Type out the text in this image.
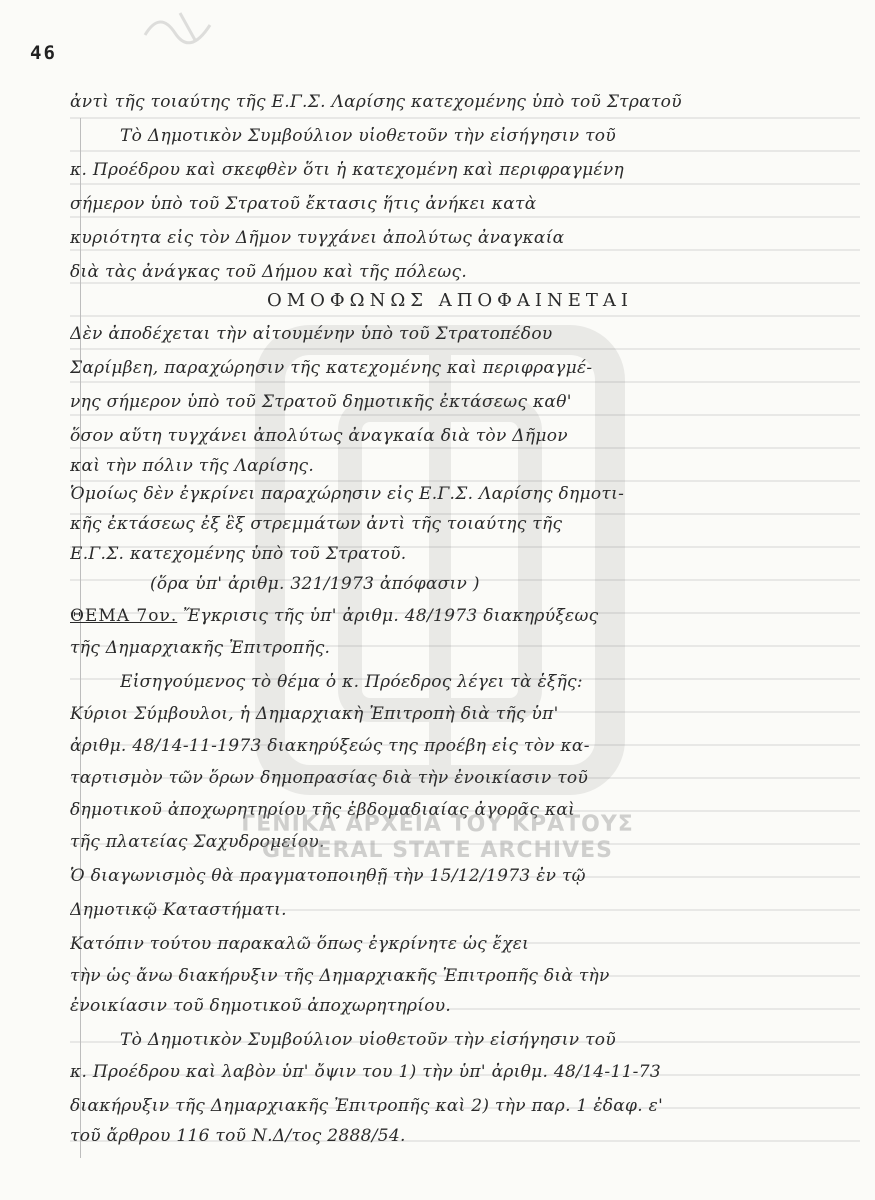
46
ἀντὶ τῆς τοιαύτης τῆς Ε.Γ.Σ. Λαρίσης κατεχομένης ὑπὸ τοῦ Στρατοῦ
Τὸ Δημοτικὸν Συμβούλιον υἱοθετοῦν τὴν εἰσήγησιν τοῦ
κ. Προέδρου καὶ σκεφθὲν ὅτι ἡ κατεχομένη καὶ περιφραγμένη
σήμερον ὑπὸ τοῦ Στρατοῦ ἔκτασις ἥτις ἀνήκει κατὰ
κυριότητα εἰς τὸν Δῆμον τυγχάνει ἀπολύτως ἀναγκαία
διὰ τὰς ἀνάγκας τοῦ Δήμου καὶ τῆς πόλεως.
ΟΜΟΦΩΝΩΣ ΑΠΟΦΑΙΝΕΤΑΙ
Δὲν ἀποδέχεται τὴν αἰτουμένην ὑπὸ τοῦ Στρατοπέδου
Σαρίμβεη, παραχώρησιν τῆς κατεχομένης καὶ περιφραγμέ-
νης σήμερον ὑπὸ τοῦ Στρατοῦ δημοτικῆς ἐκτάσεως καθ'
ὅσον αὕτη τυγχάνει ἀπολύτως ἀναγκαία διὰ τὸν Δῆμον
καὶ τὴν πόλιν τῆς Λαρίσης.
Ὁμοίως δὲν ἐγκρίνει παραχώρησιν εἰς Ε.Γ.Σ. Λαρίσης δημοτι-
κῆς ἐκτάσεως ἐξ ἓξ στρεμμάτων ἀντὶ τῆς τοιαύτης τῆς
Ε.Γ.Σ. κατεχομένης ὑπὸ τοῦ Στρατοῦ.
(ὅρα ὑπ' ἀριθμ. 321/1973 ἀπόφασιν )
ΘΕΜΑ 7ον. Ἔγκρισις τῆς ὑπ' ἀριθμ. 48/1973 διακηρύξεως
τῆς Δημαρχιακῆς Ἐπιτροπῆς.
Εἰσηγούμενος τὸ θέμα ὁ κ. Πρόεδρος λέγει τὰ ἑξῆς:
Κύριοι Σύμβουλοι, ἡ Δημαρχιακὴ Ἐπιτροπὴ διὰ τῆς ὑπ'
ἀριθμ. 48/14-11-1973 διακηρύξεώς της προέβη εἰς τὸν κα-
ταρτισμὸν τῶν ὅρων δημοπρασίας διὰ τὴν ἐνοικίασιν τοῦ
δημοτικοῦ ἀποχωρητηρίου τῆς ἑβδομαδιαίας ἀγορᾶς καὶ
τῆς πλατείας Σαχυδρομείου.
Ὁ διαγωνισμὸς θὰ πραγματοποιηθῇ τὴν 15/12/1973 ἐν τῷ
Δημοτικῷ Καταστήματι.
Κατόπιν τούτου παρακαλῶ ὅπως ἐγκρίνητε ὡς ἔχει
τὴν ὡς ἄνω διακήρυξιν τῆς Δημαρχιακῆς Ἐπιτροπῆς διὰ τὴν
ἐνοικίασιν τοῦ δημοτικοῦ ἀποχωρητηρίου.
Τὸ Δημοτικὸν Συμβούλιον υἱοθετοῦν τὴν εἰσήγησιν τοῦ
κ. Προέδρου καὶ λαβὸν ὑπ' ὄψιν του 1) τὴν ὑπ' ἀριθμ. 48/14-11-73
διακήρυξιν τῆς Δημαρχιακῆς Ἐπιτροπῆς καὶ 2) τὴν παρ. 1 ἐδαφ. ε'
τοῦ ἄρθρου 116 τοῦ Ν.Δ/τος 2888/54.
ΓΕΝΙΚΑ ΑΡΧΕΙΑ ΤΟΥ ΚΡΑΤΟΥΣ
GENERAL STATE ARCHIVES
